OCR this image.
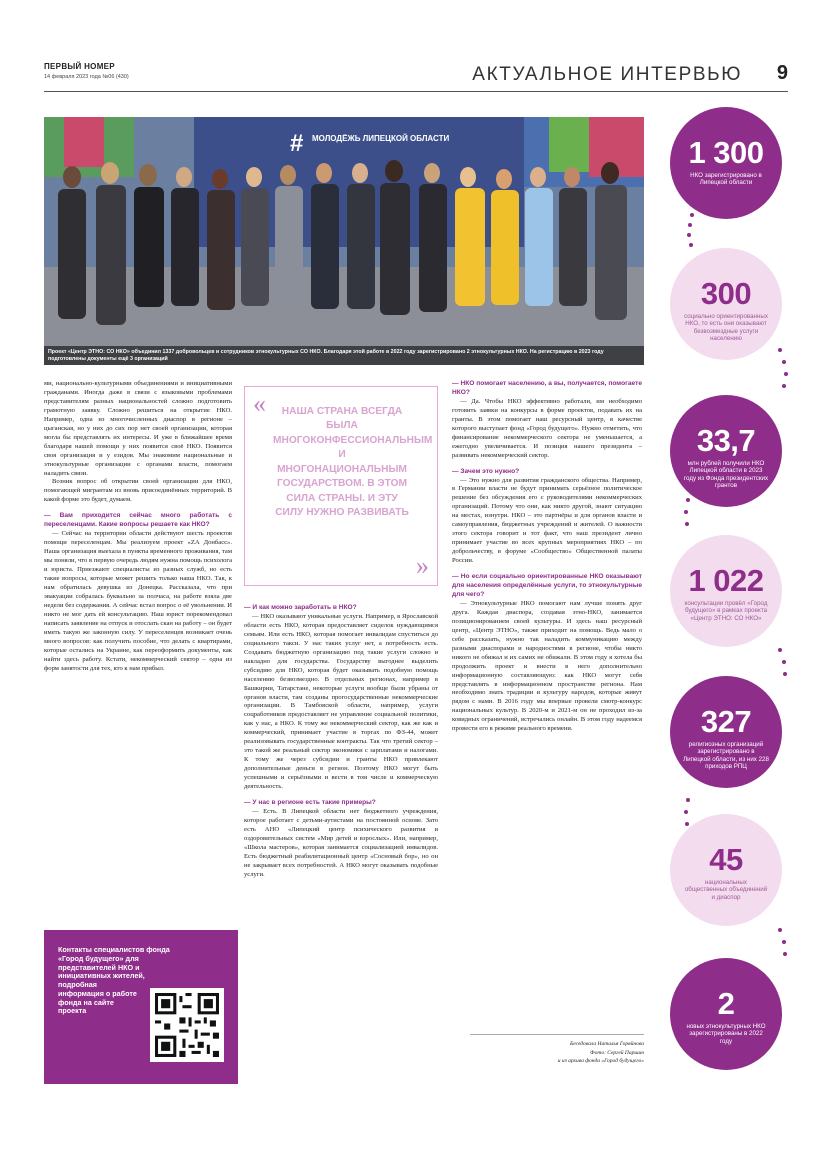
ПЕРВЫЙ НОМЕР
14 февраля 2023 года №06 (430)	АКТУАЛЬНОЕ ИНТЕРВЬЮ 9
# МОЛОДЁЖЬ ЛИПЕЦКОЙ ОБЛАСТИ
Проект «Центр ЭТНО: СО НКО» объединил 1337 добровольцев и сотрудников этнокультурных СО НКО. Благодаря этой работе в 2022 году зарегистрировано 2 этнокультурных НКО. На регистрацию в 2023 году подготовлены документы ещё 3 организаций

ми, национально-культурными объединениями и инициативными гражданами. Иногда даже в связи с языковыми проблемами представителям разных национальностей сложно подготовить грамотную заявку. Сложно решиться на открытие НКО. Например, одна из многочисленных диаспор в регионе – цыганская, но у них до сих пор нет своей организации, которая могла бы представлять их интересы. И уже в ближайшее время благодаря нашей помощи у них появится своё НКО. Появится своя организация и у езидов. Мы знакомим национальные и этнокультурные организации с органами власти, помогаем наладить связи.

Возник вопрос об открытии своей организации для НКО, помогающей мигрантам из вновь присоединённых территорий. В какой форме это будет, думаем.

— Вам приходится сейчас много работать с переселенцами. Какие вопросы решаете как НКО?

— Сейчас на территории области действуют шесть проектов помощи переселенцам. Мы реализуем проект «ZA Донбасс». Наша организация выехала в пункты временного проживания, там мы поняли, что в первую очередь людям нужна помощь психолога и юриста. Приезжают специалисты из разных служб, но есть такие вопросы, которые может решить только наша НКО. Так, к нам обратилась девушка из Донецка. Рассказала, что при эвакуации собралась буквально за полчаса, на работе взяла две недели без содержания. А сейчас встал вопрос о её увольнении. И никто не мог дать ей консультацию. Наш юрист порекомендовал написать заявление на отпуск и отослать скан на работу – он будет иметь такую же законную силу. У переселенцев возникает очень много вопросов: как получить пособие, что делать с квартирами, которые остались на Украине, как переоформить документы, как найти здесь работу. Кстати, некоммерческий сектор – одна из форм занятости для тех, кто к нам прибыл.

«	НАША СТРАНА ВСЕГДА БЫЛА МНОГОКОНФЕССИОНАЛЬНЫМ И МНОГОНАЦИОНАЛЬНЫМ ГОСУДАРСТВОМ. В ЭТОМ СИЛА СТРАНЫ. И ЭТУ СИЛУ НУЖНО РАЗВИВАТЬ
»

— И как можно заработать в НКО?

— НКО оказывают уникальные услуги. Например, в Ярославской области есть НКО, которая предоставляет сиделок нуждающимся семьям. Или есть НКО, которая помогает инвалидам спуститься до социального такси. У нас таких услуг нет, а потребность есть. Создавать бюджетную организацию под такие услуги сложно и накладно для государства. Государству выгоднее выделить субсидию для НКО, которая будет оказывать подобную помощь населению безвозмездно. В отдельных регионах, например в Башкирии, Татарстане, некоторые услуги вообще были убраны от органов власти, там созданы прогосударственные некоммерческие организации. В Тамбовской области, например, услуги соцработников предоставляет не управление социальной политики, как у нас, а НКО. К тому же некоммерческий сектор, как же как и коммерческий, принимает участие в торгах по ФЗ-44, может реализовывать государственные контракты. Так что третий сектор – это такой же реальный сектор экономики с зарплатами и налогами. К тому же через субсидии и гранты НКО привлекают дополнительные деньги в регион. Поэтому НКО могут быть успешными и серьёзными и вести в том числе и коммерческую деятельность.

— У нас в регионе есть такие примеры?

— Есть. В Липецкой области нет бюджетного учреждения, которое работает с детьми-аутистами на постоянной основе. Зато есть АНО «Липецкий центр психического развития и оздоровительных систем «Мир детей и взрослых». Или, например, «Школа мастеров», которая занимается социализацией инвалидов. Есть бюджетный реабилитационный центр «Сосновый бор», но он не закрывает всех потребностей. А НКО могут оказывать подобные услуги.

— НКО помогает населению, а вы, получается, помогаете НКО?

— Да. Чтобы НКО эффективно работали, им необходимо готовить заявки на конкурсы в форме проектов, подавать их на гранты. В этом помогает наш ресурсный центр, в качестве которого выступает фонд «Город будущего». Нужно отметить, что финансирование некоммерческого сектора не уменьшается, а ежегодно увеличивается. И позиция нашего президента – развивать некоммерческий сектор.

— Зачем это нужно?

— Это нужно для развития гражданского общества. Например, в Германии власти не будут принимать серьёзное политическое решение без обсуждения его с руководителями некоммерческих организаций. Потому что они, как никто другой, знают ситуацию на местах, изнутри. НКО – это партнёры и для органов власти и самоуправления, бюджетных учреждений и жителей. О важности этого сектора говорит и тот факт, что наш президент лично принимает участие во всех крупных мероприятиях НКО – по доброльчеству, в форуме «Сообщество» Общественной палаты России.

— Но если социально ориентированные НКО оказывают для населения определённые услуги, то этнокультурные для чего?

— Этнокультурные НКО помогают нам лучше понять друг друга. Каждая диаспора, создавая этно-НКО, занимается позиционированием своей культуры. И здесь наш ресурсный центр, «Центр ЭТНО», также приходит на помощь. Ведь мало о себе рассказать, нужно так наладить коммуникацию между разными диаспорами и народностями в регионе, чтобы никто никого не обижал и их самих не обижали. В этом году я хотела бы продолжить проект и внести в него дополнительно информационную составляющую: как НКО могут себя представлять в информационном пространстве региона. Нам необходимо знать традиции и культуру народов, которые живут рядом с нами. В 2016 году мы впервые провели смотр-конкурс национальных культур. В 2020-м и 2021-м он не проходил из-за ковидных ограничений, встречались онлайн. В этом году надеемся провести его в режиме реального времени.

Беседовала Наталья Горяйнова
Фото: Сергей Паршин
и из архива фонда «Город будущего»
Контакты специалистов фонда «Город будущего» для представителей НКО и инициативных жителей,
подробная информация о работе фонда на сайте проекта
1 300
НКО зарегистрировано в Липецкой области
300
социально ориентированных НКО, то есть они оказывают безвозмездные услуги населению
33,7
млн рублей получили НКО Липецкой области в 2023 году из Фонда президентских грантов
1 022
консультации провёл «Город будущего» в рамках проекта «Центр ЭТНО: СО НКО»
327
религиозных организаций зарегистрировано в Липецкой области, из них 228 приходов РПЦ
45
национальных общественных объединений и диаспор
2
новых этнокультурных НКО зарегистрированы в 2022 году
